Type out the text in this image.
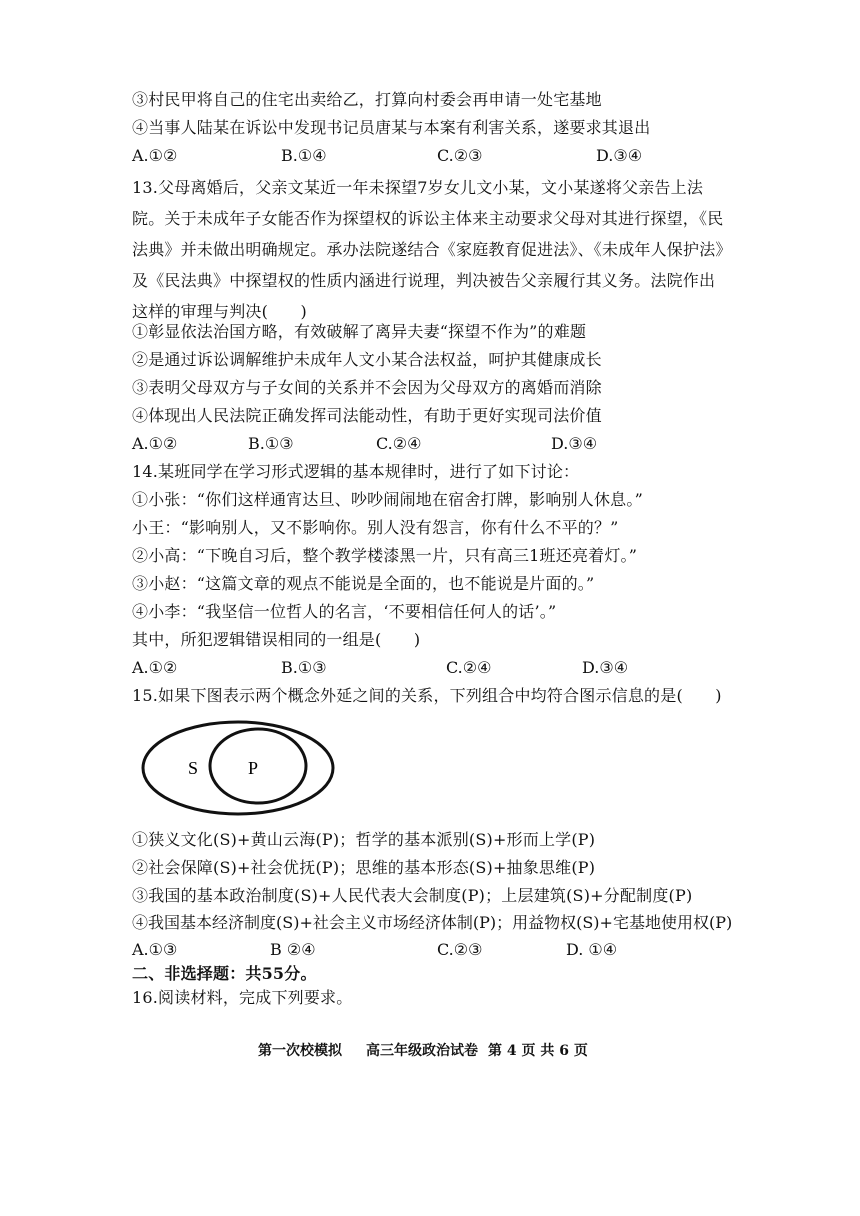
③村民甲将自己的住宅出卖给乙，打算向村委会再申请一处宅基地
④当事人陆某在诉讼中发现书记员唐某与本案有利害关系，遂要求其退出
A.①②	B.①④	C.②③	D.③④
13.父母离婚后，父亲文某近一年未探望7岁女儿文小某，文小某遂将父亲告上法院。关于未成年子女能否作为探望权的诉讼主体来主动要求父母对其进行探望，《民法典》并未做出明确规定。承办法院遂结合《家庭教育促进法》、《未成年人保护法》及《民法典》中探望权的性质内涵进行说理，判决被告父亲履行其义务。法院作出这样的审理与判决(　　)
①彰显依法治国方略，有效破解了离异夫妻“探望不作为”的难题
②是通过诉讼调解维护未成年人文小某合法权益，呵护其健康成长
③表明父母双方与子女间的关系并不会因为父母双方的离婚而消除
④体现出人民法院正确发挥司法能动性，有助于更好实现司法价值
A.①②	B.①③	C.②④	D.③④
14.某班同学在学习形式逻辑的基本规律时，进行了如下讨论：
①小张：“你们这样通宵达旦、吵吵闹闹地在宿舍打牌，影响别人休息。”
小王：“影响别人，又不影响你。别人没有怨言，你有什么不平的？”
②小高：“下晚自习后，整个教学楼漆黑一片，只有高三1班还亮着灯。”
③小赵：“这篇文章的观点不能说是全面的，也不能说是片面的。”
④小李：“我坚信一位哲人的名言，‘不要相信任何人的话’。”
其中，所犯逻辑错误相同的一组是(　　)
A.①②	B.①③	C.②④	D.③④
15.如果下图表示两个概念外延之间的关系，下列组合中均符合图示信息的是(　　)
S	P
①狭义文化(S)+黄山云海(P)；哲学的基本派别(S)+形而上学(P)
②社会保障(S)+社会优抚(P)；思维的基本形态(S)+抽象思维(P)
③我国的基本政治制度(S)+人民代表大会制度(P)；上层建筑(S)+分配制度(P)
④我国基本经济制度(S)+社会主义市场经济体制(P)；用益物权(S)+宅基地使用权(P)
A.①③	B ②④	C.②③	D. ①④
二、非选择题：共55分。
16.阅读材料，完成下列要求。
第一次校模拟 高三年级政治试卷 第 4 页 共 6 页
